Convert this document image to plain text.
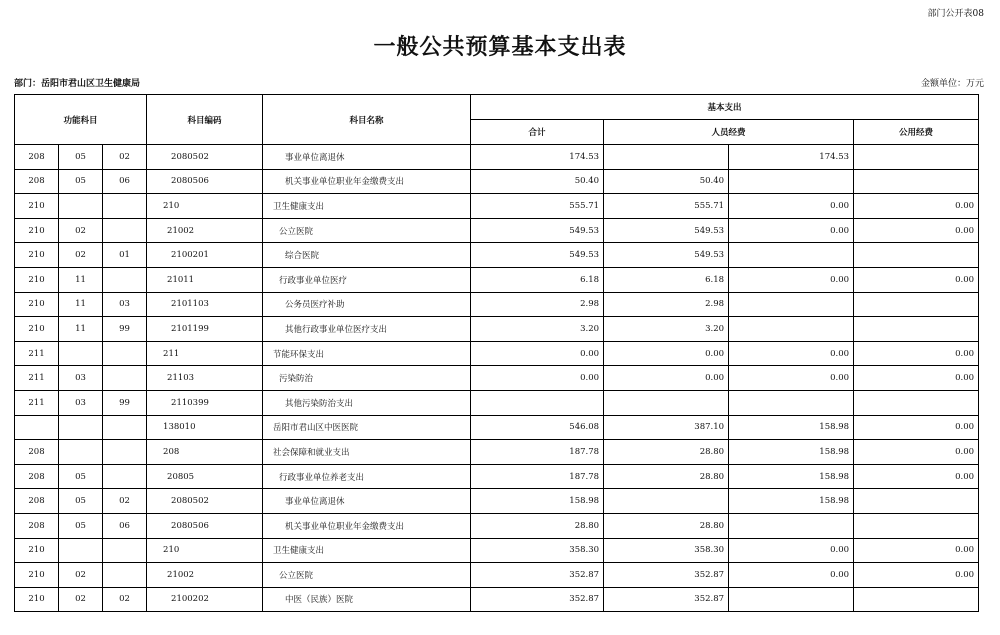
部门公开表08
一般公共预算基本支出表
部门：岳阳市君山区卫生健康局	金额单位：万元
功能科目			科目编码	科目名称	基本支出			
					合计	人员经费		公用经费
208	05	02	2080502	事业单位离退休	174.53		174.53	
208	05	06	2080506	机关事业单位职业年金缴费支出	50.40	50.40		
210			210	卫生健康支出	555.71	555.71	0.00	0.00
210	02		21002	公立医院	549.53	549.53	0.00	0.00
210	02	01	2100201	综合医院	549.53	549.53		
210	11		21011	行政事业单位医疗	6.18	6.18	0.00	0.00
210	11	03	2101103	公务员医疗补助	2.98	2.98		
210	11	99	2101199	其他行政事业单位医疗支出	3.20	3.20		
211			211	节能环保支出	0.00	0.00	0.00	0.00
211	03		21103	污染防治	0.00	0.00	0.00	0.00
211	03	99	2110399	其他污染防治支出				
			138010	岳阳市君山区中医医院	546.08	387.10	158.98	0.00
208			208	社会保障和就业支出	187.78	28.80	158.98	0.00
208	05		20805	行政事业单位养老支出	187.78	28.80	158.98	0.00
208	05	02	2080502	事业单位离退休	158.98		158.98	
208	05	06	2080506	机关事业单位职业年金缴费支出	28.80	28.80		
210			210	卫生健康支出	358.30	358.30	0.00	0.00
210	02		21002	公立医院	352.87	352.87	0.00	0.00
210	02	02	2100202	中医（民族）医院	352.87	352.87		
